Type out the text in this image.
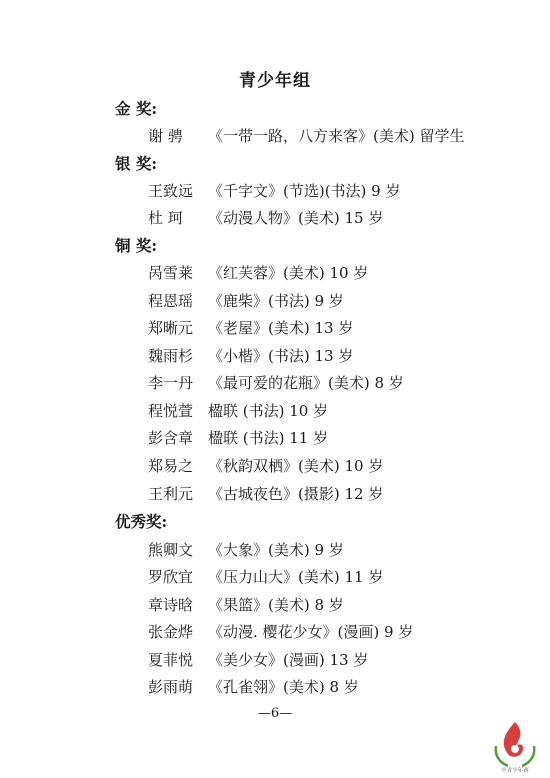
青少年组
金 奖:
谢 骋 《一带一路，八方来客》(美术) 留学生
银 奖:
王致远 《千字文》(节选)(书法) 9 岁
杜 珂 《动漫人物》(美术) 15 岁
铜 奖:
呙雪莱 《红芙蓉》(美术) 10 岁
程恩瑶 《鹿柴》(书法) 9 岁
郑晰元 《老屋》(美术) 13 岁
魏雨杉 《小楷》(书法) 13 岁
李一丹 《最可爱的花瓶》(美术) 8 岁
程悦萱 楹联 (书法) 10 岁
彭含章 楹联 (书法) 11 岁
郑易之 《秋韵双栖》(美术) 10 岁
王利元 《古城夜色》(摄影) 12 岁
优秀奖:
熊卿文 《大象》(美术) 9 岁
罗欣宜 《压力山大》(美术) 11 岁
章诗晗 《果篮》(美术) 8 岁
张金烨 《动漫. 樱花少女》(漫画) 9 岁
夏菲悦 《美少女》(漫画) 13 岁
彭雨萌 《孔雀翎》(美术) 8 岁
—6—
中青少年赛
